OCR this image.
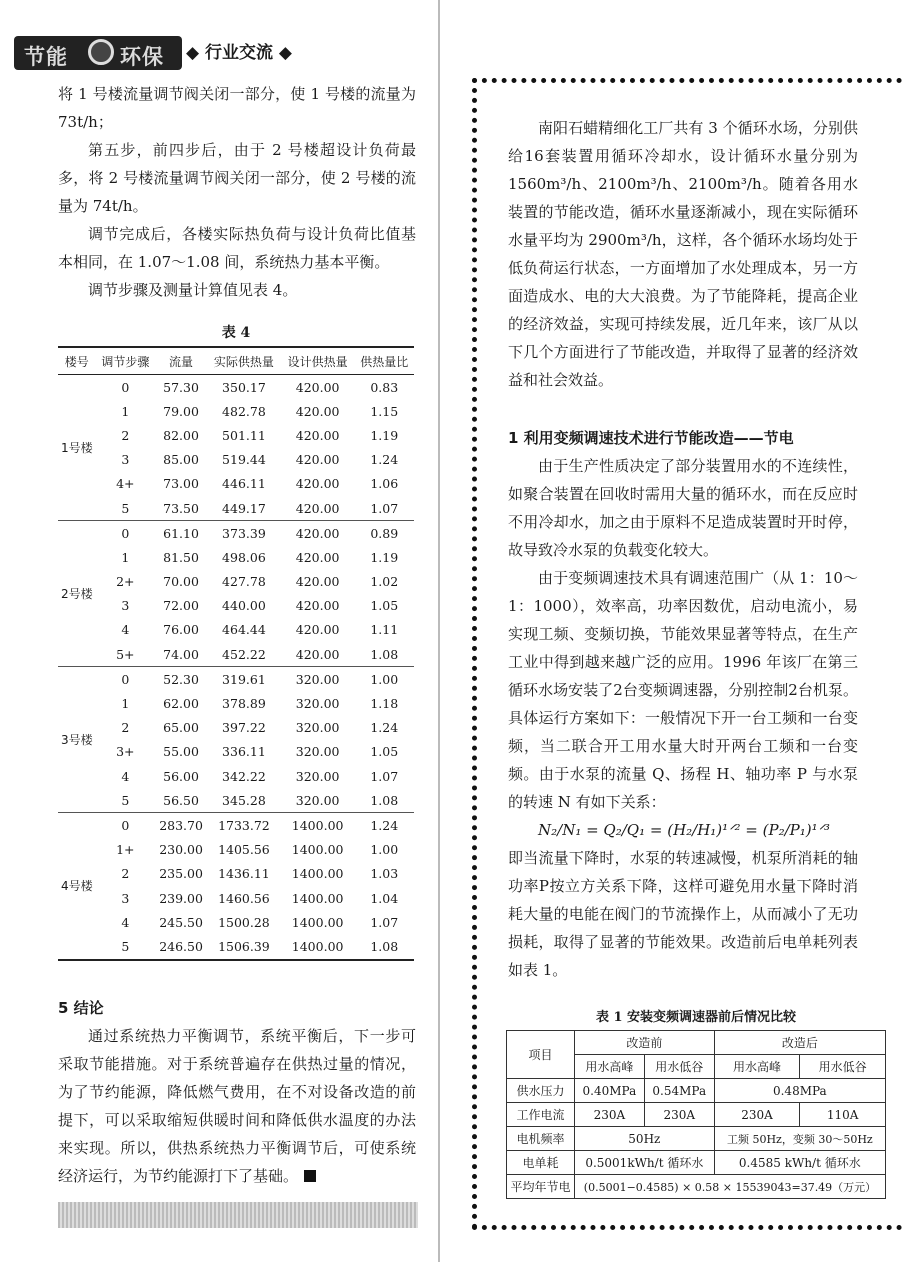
节能 环保 ◆ 行业交流 ◆

将 1 号楼流量调节阀关闭一部分，使 1 号楼的流量为 73t/h；

第五步，前四步后，由于 2 号楼超设计负荷最多，将 2 号楼流量调节阀关闭一部分，使 2 号楼的流量为 74t/h。

调节完成后，各楼实际热负荷与设计负荷比值基本相同，在 1.07～1.08 间，系统热力基本平衡。

调节步骤及测量计算值见表 4。

表 4
楼号	调节步骤	流量	实际供热量	设计供热量	供热量比
1号楼	0	57.30	350.17	420.00	0.83
	1	79.00	482.78	420.00	1.15
	2	82.00	501.11	420.00	1.19
	3	85.00	519.44	420.00	1.24
	4+	73.00	446.11	420.00	1.06
	5	73.50	449.17	420.00	1.07
2号楼	0	61.10	373.39	420.00	0.89
	1	81.50	498.06	420.00	1.19
	2+	70.00	427.78	420.00	1.02
	3	72.00	440.00	420.00	1.05
	4	76.00	464.44	420.00	1.11
	5+	74.00	452.22	420.00	1.08
3号楼	0	52.30	319.61	320.00	1.00
	1	62.00	378.89	320.00	1.18
	2	65.00	397.22	320.00	1.24
	3+	55.00	336.11	320.00	1.05
	4	56.00	342.22	320.00	1.07
	5	56.50	345.28	320.00	1.08
4号楼	0	283.70	1733.72	1400.00	1.24
	1+	230.00	1405.56	1400.00	1.00
	2	235.00	1436.11	1400.00	1.03
	3	239.00	1460.56	1400.00	1.04
	4	245.50	1500.28	1400.00	1.07
	5	246.50	1506.39	1400.00	1.08
5 结论

通过系统热力平衡调节，系统平衡后，下一步可采取节能措施。对于系统普遍存在供热过量的情况，为了节约能源，降低燃气费用，在不对设备改造的前提下，可以采取缩短供暖时间和降低供水温度的办法来实现。所以，供热系统热力平衡调节后，可使系统经济运行，为节约能源打下了基础。

南阳石蜡精细化工厂共有 3 个循环水场，分别供给16套装置用循环冷却水，设计循环水量分别为1560m³/h、2100m³/h、2100m³/h。随着各用水装置的节能改造，循环水量逐渐减小，现在实际循环水量平均为 2900m³/h，这样，各个循环水场均处于低负荷运行状态，一方面增加了水处理成本，另一方面造成水、电的大大浪费。为了节能降耗，提高企业的经济效益，实现可持续发展，近几年来，该厂从以下几个方面进行了节能改造，并取得了显著的经济效益和社会效益。

1 利用变频调速技术进行节能改造——节电

由于生产性质决定了部分装置用水的不连续性，如聚合装置在回收时需用大量的循环水，而在反应时不用冷却水，加之由于原料不足造成装置时开时停，故导致冷水泵的负载变化较大。

由于变频调速技术具有调速范围广（从 1：10～1：1000），效率高，功率因数优，启动电流小，易实现工频、变频切换，节能效果显著等特点，在生产工业中得到越来越广泛的应用。1996 年该厂在第三循环水场安装了2台变频调速器，分别控制2台机泵。具体运行方案如下：一般情况下开一台工频和一台变频，当二联合开工用水量大时开两台工频和一台变频。由于水泵的流量 Q、扬程 H、轴功率 P 与水泵的转速 N 有如下关系：

N₂/N₁ = Q₂/Q₁ = (H₂/H₁)¹ᐟ² = (P₂/P₁)¹ᐟ³

即当流量下降时，水泵的转速减慢，机泵所消耗的轴功率P按立方关系下降，这样可避免用水量下降时消耗大量的电能在阀门的节流操作上，从而减小了无功损耗，取得了显著的节能效果。改造前后电单耗列表如表 1。

表 1 安装变频调速器前后情况比较
项目	改造前		改造后	
	用水高峰	用水低谷	用水高峰	用水低谷
供水压力	0.40MPa	0.54MPa	0.48MPa	
工作电流	230A	230A	230A	110A
电机频率	50Hz		工频 50Hz，变频 30～50Hz	
电单耗	0.5001kWh/t 循环水		0.4585 kWh/t 循环水	
平均年节电	(0.5001−0.4585) × 0.58 × 15539043=37.49（万元）			
